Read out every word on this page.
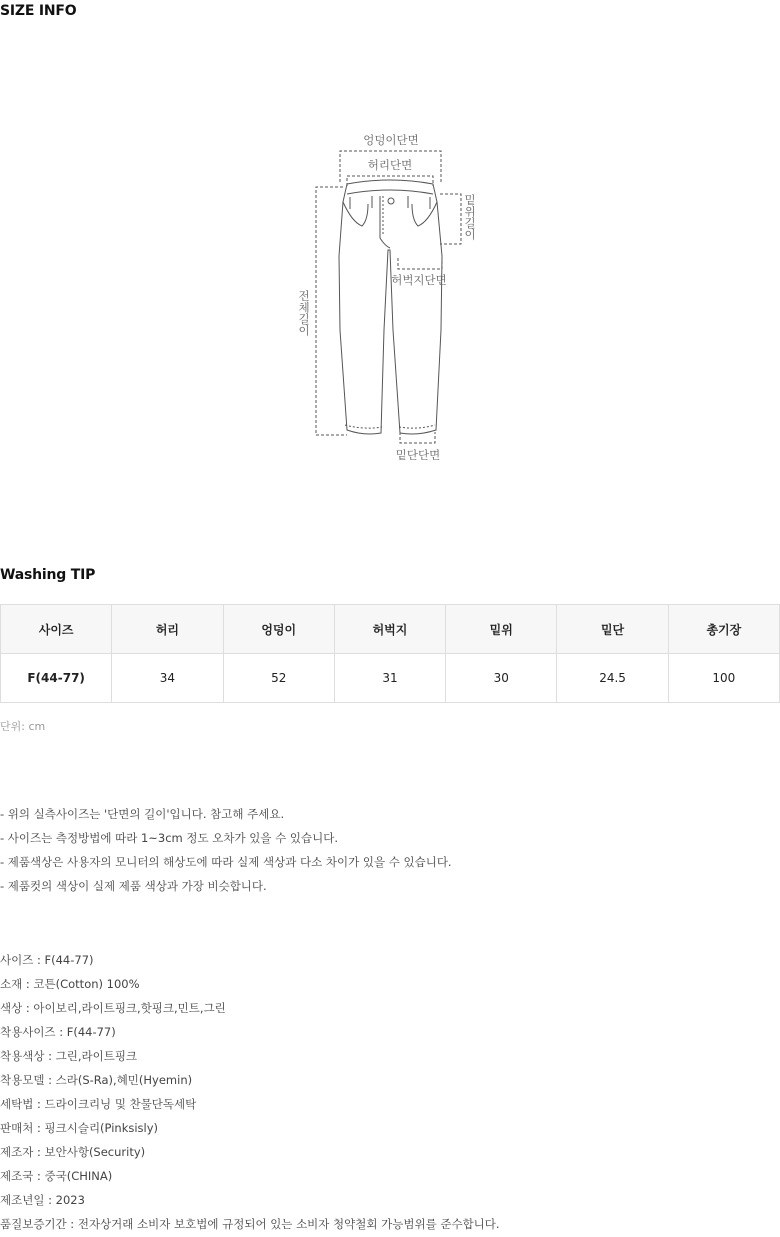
SIZE INFO
엉덩이단면
허리단면
밑위길이
전체길이
허벅지단면
밑단단면
Washing TIP
사이즈	허리	엉덩이	허벅지	밑위	밑단	총기장
F(44-77)	34	52	31	30	24.5	100
단위: cm
- 위의 실측사이즈는 '단면의 길이'입니다. 참고해 주세요.
- 사이즈는 측정방법에 따라 1~3cm 정도 오차가 있을 수 있습니다.
- 제품색상은 사용자의 모니터의 해상도에 따라 실제 색상과 다소 차이가 있을 수 있습니다.
- 제품컷의 색상이 실제 제품 색상과 가장 비슷합니다.
사이즈 : F(44-77)
소재 : 코튼(Cotton) 100%
색상 : 아이보리,라이트핑크,핫핑크,민트,그린
착용사이즈 : F(44-77)
착용색상 : 그린,라이트핑크
착용모델 : 스라(S-Ra),혜민(Hyemin)
세탁법 : 드라이크리닝 및 찬물단독세탁
판매처 : 핑크시슬리(Pinksisly)
제조자 : 보안사항(Security)
제조국 : 중국(CHINA)
제조년일 : 2023
품질보증기간 : 전자상거래 소비자 보호법에 규정되어 있는 소비자 청약철회 가능범위를 준수합니다.
